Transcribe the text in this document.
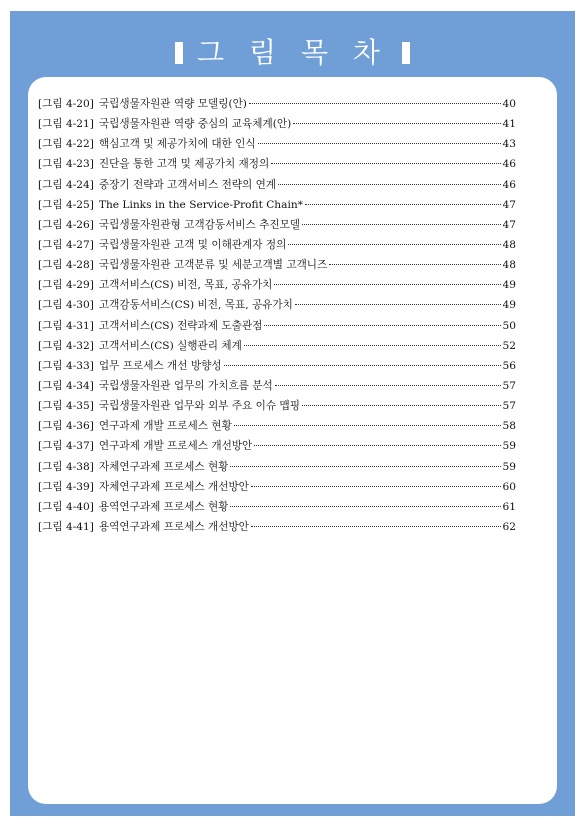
그 림 목 차
[그림 4-20] 국립생물자원관 역량 모델링(안)	40
[그림 4-21] 국립생물자원관 역량 중심의 교육체계(안)	41
[그림 4-22] 핵심고객 및 제공가치에 대한 인식	43
[그림 4-23] 진단을 통한 고객 및 제공가치 재정의	46
[그림 4-24] 중장기 전략과 고객서비스 전략의 연계	46
[그림 4-25] The Links in the Service-Profit Chain*	47
[그림 4-26] 국립생물자원관형 고객감동서비스 추진모델	47
[그림 4-27] 국립생물자원관 고객 및 이해관계자 정의	48
[그림 4-28] 국립생물자원관 고객분류 및 세분고객별 고객니즈	48
[그림 4-29] 고객서비스(CS) 비전, 목표, 공유가치	49
[그림 4-30] 고객감동서비스(CS) 비전, 목표, 공유가치	49
[그림 4-31] 고객서비스(CS) 전략과제 도출관점	50
[그림 4-32] 고객서비스(CS) 실행관리 체계	52
[그림 4-33] 업무 프로세스 개선 방향성	56
[그림 4-34] 국립생물자원관 업무의 가치흐름 분석	57
[그림 4-35] 국립생물자원관 업무와 외부 주요 이슈 맵핑	57
[그림 4-36] 연구과제 개발 프로세스 현황	58
[그림 4-37] 연구과제 개발 프로세스 개선방안	59
[그림 4-38] 자체연구과제 프로세스 현황	59
[그림 4-39] 자체연구과제 프로세스 개선방안	60
[그림 4-40] 용역연구과제 프로세스 현황	61
[그림 4-41] 용역연구과제 프로세스 개선방안	62
